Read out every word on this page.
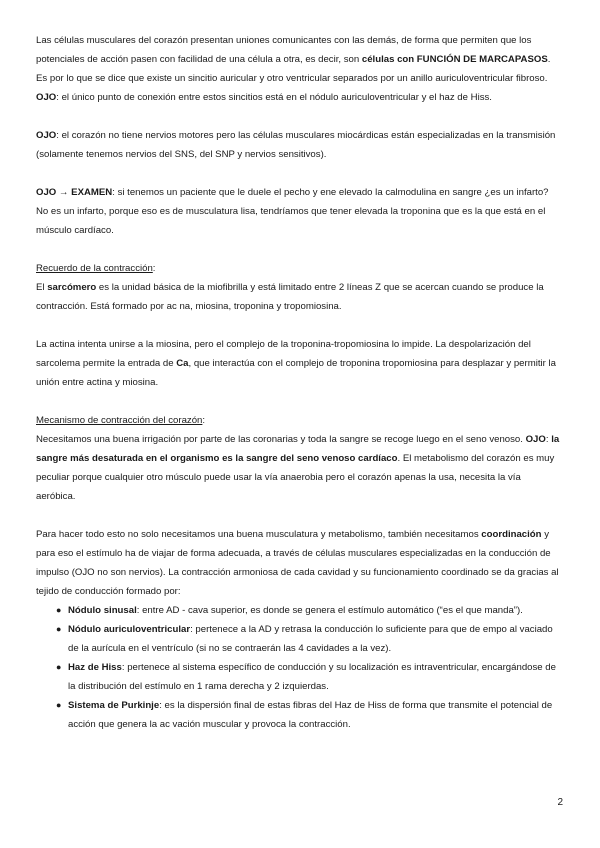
Las células musculares del corazón presentan uniones comunicantes con las demás, de forma que permiten que los potenciales de acción pasen con facilidad de una célula a otra, es decir, son células con FUNCIÓN DE MARCAPASOS. Es por lo que se dice que existe un sincitio auricular y otro ventricular separados por un anillo auriculoventricular fibroso. OJO: el único punto de conexión entre estos sincitios está en el nódulo auriculoventricular y el haz de Hiss.

OJO: el corazón no tiene nervios motores pero las células musculares miocárdicas están especializadas en la transmisión (solamente tenemos nervios del SNS, del SNP y nervios sensitivos).

OJO → EXAMEN: si tenemos un paciente que le duele el pecho y ene elevado la calmodulina en sangre ¿es un infarto? No es un infarto, porque eso es de musculatura lisa, tendríamos que tener elevada la troponina que es la que está en el músculo cardíaco.

Recuerdo de la contracción:

El sarcómero es la unidad básica de la miofibrilla y está limitado entre 2 líneas Z que se acercan cuando se produce la contracción. Está formado por ac na, miosina, troponina y tropomiosina.

La actina intenta unirse a la miosina, pero el complejo de la troponina-tropomiosina lo impide. La despolarización del sarcolema permite la entrada de Ca, que interactúa con el complejo de troponina tropomiosina para desplazar y permitir la unión entre actina y miosina.

Mecanismo de contracción del corazón:

Necesitamos una buena irrigación por parte de las coronarias y toda la sangre se recoge luego en el seno venoso. OJO: la sangre más desaturada en el organismo es la sangre del seno venoso cardíaco. El metabolismo del corazón es muy peculiar porque cualquier otro músculo puede usar la vía anaerobia pero el corazón apenas la usa, necesita la vía aeróbica.

Para hacer todo esto no solo necesitamos una buena musculatura y metabolismo, también necesitamos coordinación y para eso el estímulo ha de viajar de forma adecuada, a través de células musculares especializadas en la conducción de impulso (OJO no son nervios). La contracción armoniosa de cada cavidad y su funcionamiento coordinado se da gracias al tejido de conducción formado por:

● Nódulo sinusal: entre AD - cava superior, es donde se genera el estímulo automático (“es el que manda”).
● Nódulo auriculoventricular: pertenece a la AD y retrasa la conducción lo suficiente para que de empo al vaciado de la aurícula en el ventrículo (si no se contraerán las 4 cavidades a la vez).
● Haz de Hiss: pertenece al sistema específico de conducción y su localización es intraventricular, encargándose de la distribución del estímulo en 1 rama derecha y 2 izquierdas.
● Sistema de Purkinje: es la dispersión final de estas fibras del Haz de Hiss de forma que transmite el potencial de acción que genera la ac vación muscular y provoca la contracción.
2
